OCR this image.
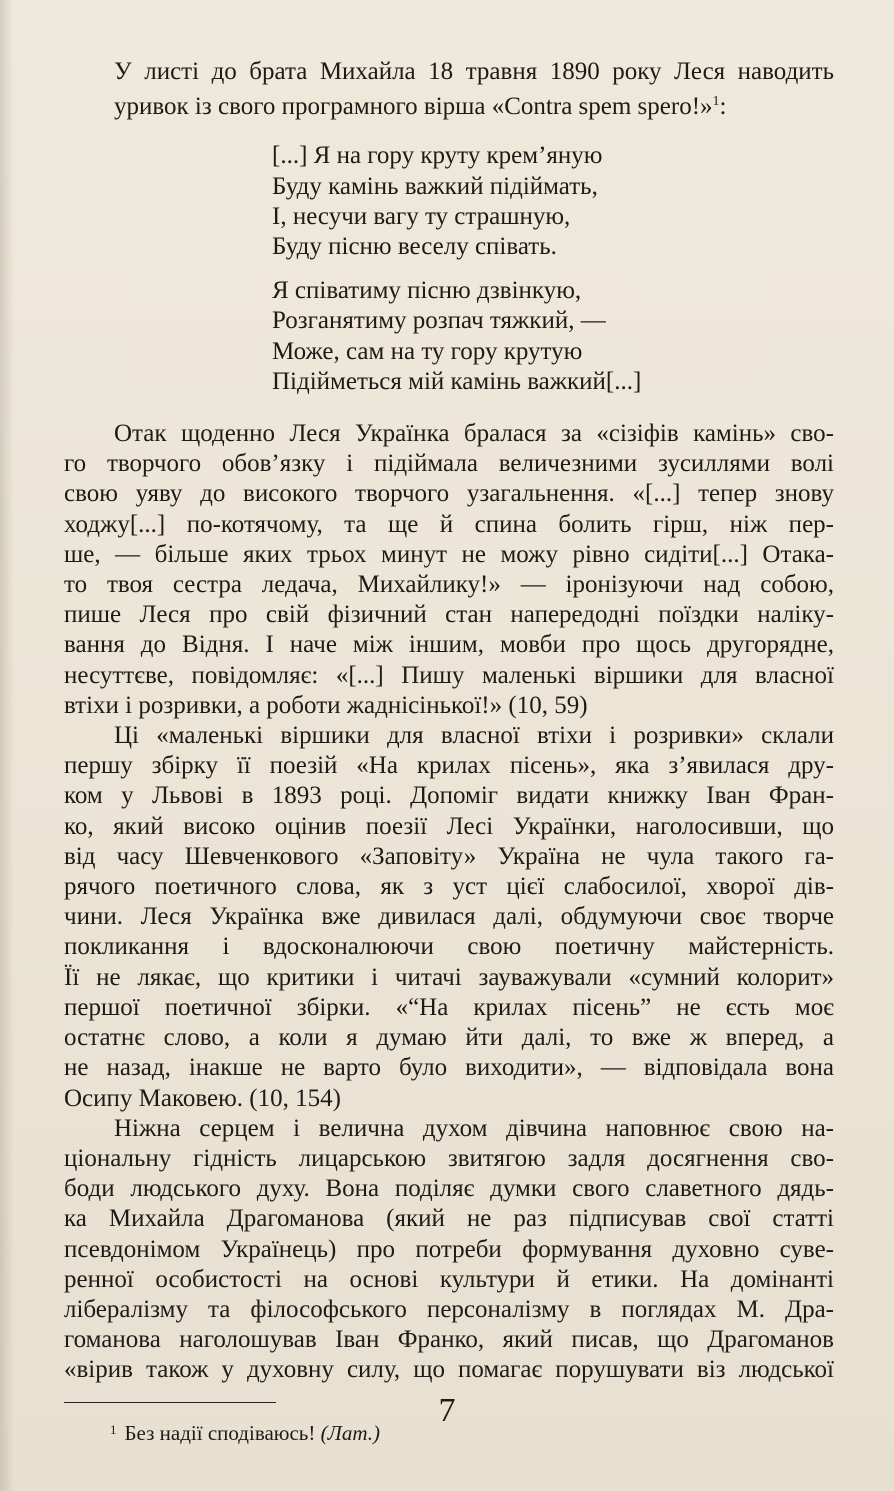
У листі до брата Михайла 18 травня 1890 року Леся наводить
уривок із свого програмного вірша «Contra spem spero!»$^1$:

[...] Я на гору круту крем’яную
Буду камінь важкий підіймать,
І, несучи вагу ту страшную,
Буду пісню веселу співать.
Я співатиму пісню дзвінкую,
Розганятиму розпач тяжкий, —
Може, сам на ту гору крутую
Підійметься мій камінь важкий[...]

Отак щоденно Леся Українка бралася за «сізіфів камінь» сво-
го творчого обов’язку і підіймала величезними зусиллями волі
свою уяву до високого творчого узагальнення. «[...] тепер знову
ходжу[...] по-котячому, та ще й спина болить гірш, ніж пер-
ше, — більше яких трьох минут не можу рівно сидіти[...] Отака-
то твоя сестра ледача, Михайлику!» — іронізуючи над собою,
пише Леся про свій фізичний стан напередодні поїздки наліку-
вання до Відня. І наче між іншим, мовби про щось другорядне,
несуттєве, повідомляє: «[...] Пишу маленькі віршики для власної
втіхи і розривки, а роботи жаднісінької!» (10, 59)

Ці «маленькі віршики для власної втіхи і розривки» склали
першу збірку її поезій «На крилах пісень», яка з’явилася дру-
ком у Львові в 1893 році. Допоміг видати книжку Іван Фран-
ко, який високо оцінив поезії Лесі Українки, наголосивши, що
від часу Шевченкового «Заповіту» Україна не чула такого га-
рячого поетичного слова, як з уст цієї слабосилої, хворої дів-
чини. Леся Українка вже дивилася далі, обдумуючи своє творче
покликання і вдосконалюючи свою поетичну майстерність.
Її не лякає, що критики і читачі зауважували «сумний колорит»
першої поетичної збірки. «“На крилах пісень” не єсть моє
остатнє слово, а коли я думаю йти далі, то вже ж вперед, а
не назад, інакше не варто було виходити», — відповідала вона
Осипу Маковею. (10, 154)

Ніжна серцем і велична духом дівчина наповнює свою на-
ціональну гідність лицарською звитягою задля досягнення сво-
боди людського духу. Вона поділяє думки свого славетного дядь-
ка Михайла Драгоманова (який не раз підписував свої статті
псевдонімом Українець) про потреби формування духовно суве-
ренної особистості на основі культури й етики. На домінанті
лібералізму та філософського персоналізму в поглядах М. Дра-
гоманова наголошував Іван Франко, який писав, що Драгоманов
«вірив також у духовну силу, що помагає порушувати віз людської

$^1$ Без надії сподіваюсь! (Лат.)
7
